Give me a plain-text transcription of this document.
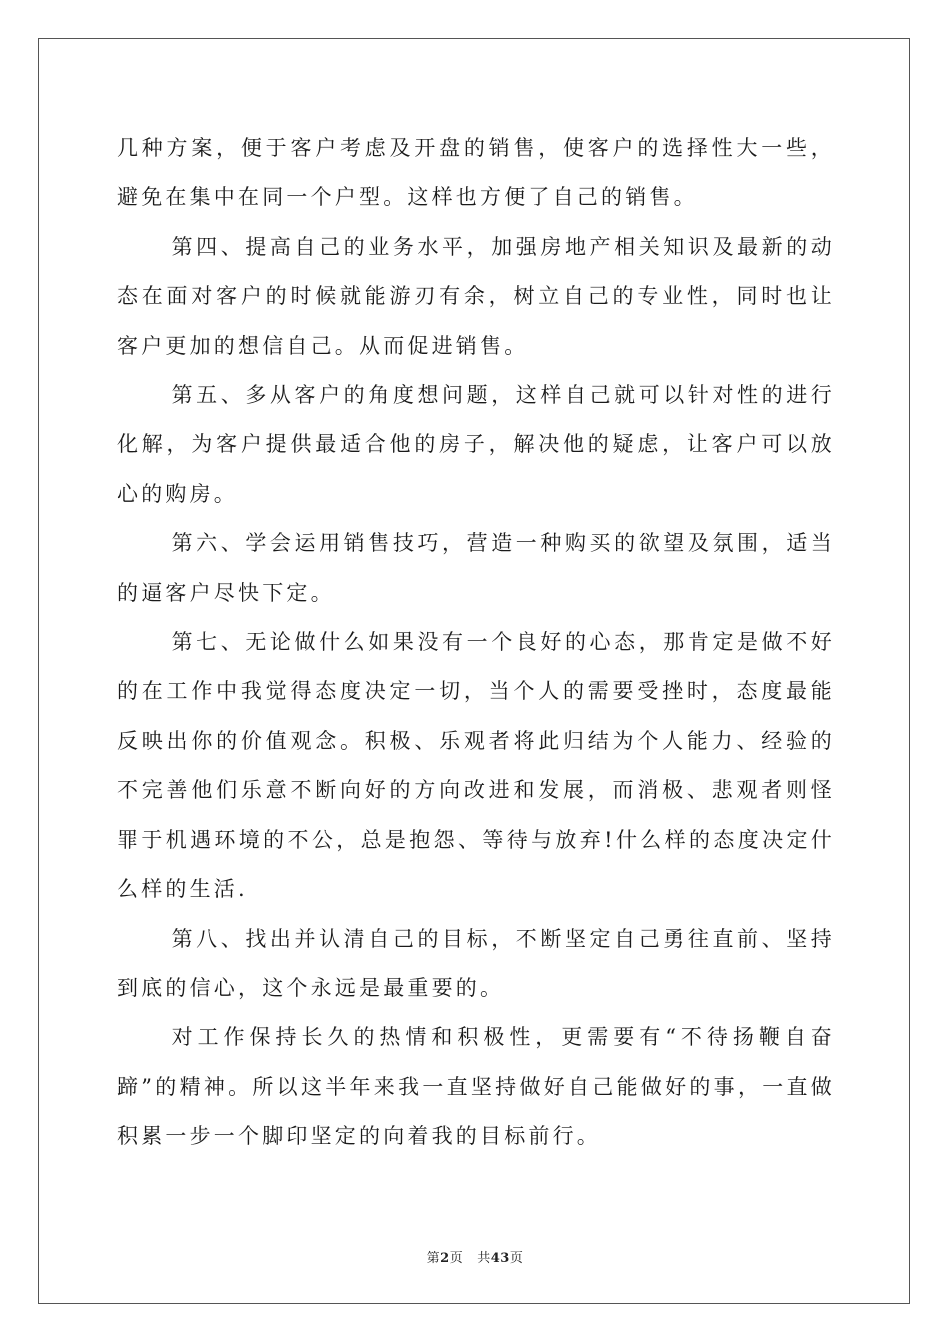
几种方案，便于客户考虑及开盘的销售，使客户的选择性大一些，避免在集中在同一个户型。这样也方便了自己的销售。

第四、提高自己的业务水平，加强房地产相关知识及最新的动态在面对客户的时候就能游刃有余，树立自己的专业性，同时也让客户更加的想信自己。从而促进销售。

第五、多从客户的角度想问题，这样自己就可以针对性的进行化解，为客户提供最适合他的房子，解决他的疑虑，让客户可以放心的购房。

第六、学会运用销售技巧，营造一种购买的欲望及氛围，适当的逼客户尽快下定。

第七、无论做什么如果没有一个良好的心态，那肯定是做不好的在工作中我觉得态度决定一切，当个人的需要受挫时，态度最能反映出你的价值观念。积极、乐观者将此归结为个人能力、经验的不完善他们乐意不断向好的方向改进和发展，而消极、悲观者则怪罪于机遇环境的不公，总是抱怨、等待与放弃!什么样的态度决定什么样的生活.

第八、找出并认清自己的目标，不断坚定自己勇往直前、坚持到底的信心，这个永远是最重要的。

对工作保持长久的热情和积极性，更需要有“不待扬鞭自奋蹄”的精神。所以这半年来我一直坚持做好自己能做好的事，一直做积累一步一个脚印坚定的向着我的目标前行。

第2页 共43页
